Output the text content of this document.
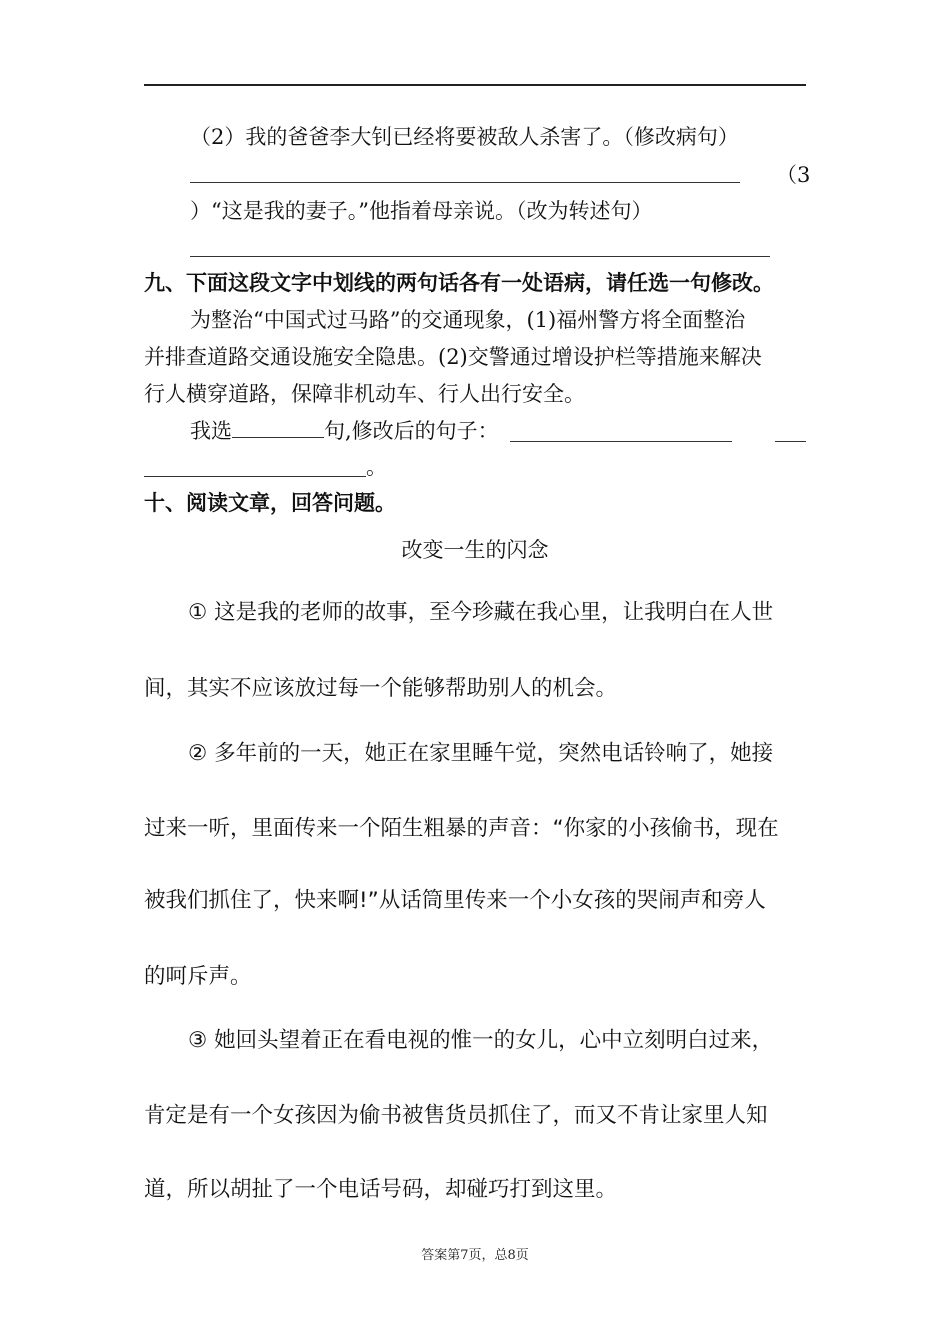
（2）我的爸爸李大钊已经将要被敌人杀害了。（修改病句）
（3
）“这是我的妻子。”他指着母亲说。（改为转述句）
九、下面这段文字中划线的两句话各有一处语病，请任选一句修改。
为整治“中国式过马路”的交通现象，(1)福州警方将全面整治
并排查道路交通设施安全隐患。(2)交警通过增设护栏等措施来解决
行人横穿道路，保障非机动车、行人出行安全。
我选	句,修改后的句子：
。
十、阅读文章，回答问题。
改变一生的闪念
① 这是我的老师的故事，至今珍藏在我心里，让我明白在人世
间，其实不应该放过每一个能够帮助别人的机会。
② 多年前的一天，她正在家里睡午觉，突然电话铃响了，她接
过来一听，里面传来一个陌生粗暴的声音：“你家的小孩偷书，现在
被我们抓住了，快来啊!”从话筒里传来一个小女孩的哭闹声和旁人
的呵斥声。
③ 她回头望着正在看电视的惟一的女儿，心中立刻明白过来，
肯定是有一个女孩因为偷书被售货员抓住了，而又不肯让家里人知
道，所以胡扯了一个电话号码，却碰巧打到这里。
答案第7页，总8页
